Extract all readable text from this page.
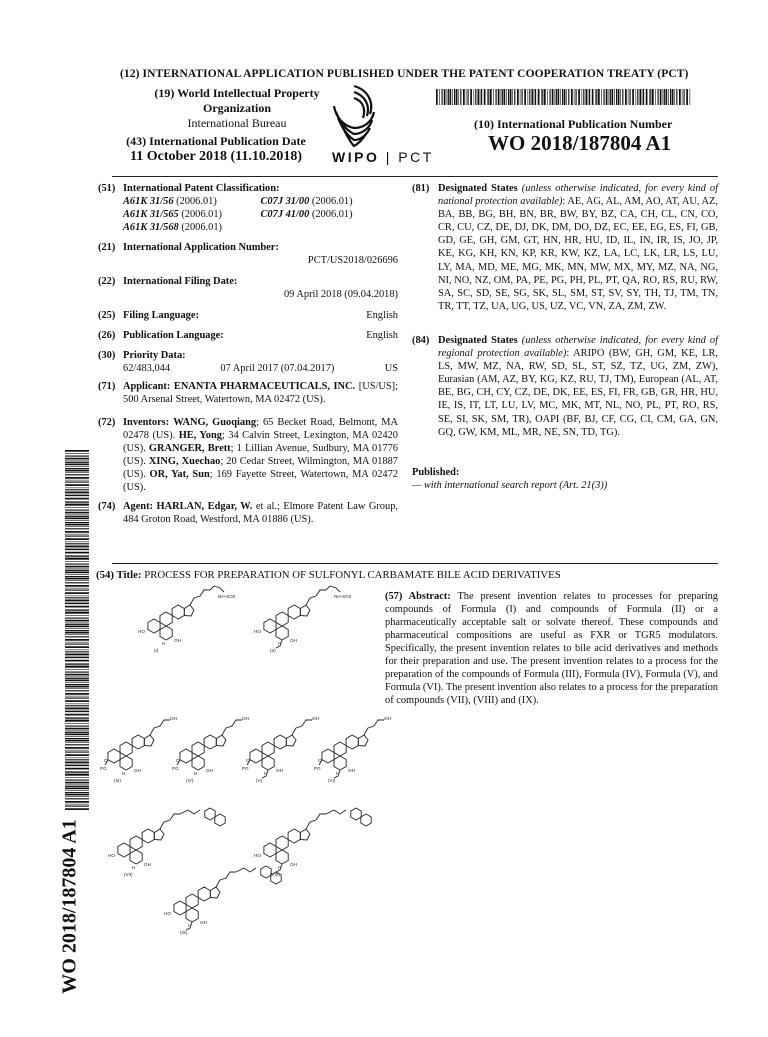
(12) INTERNATIONAL APPLICATION PUBLISHED UNDER THE PATENT COOPERATION TREATY (PCT)
(19) World Intellectual Property
Organization
International Bureau
(43) International Publication Date
11 October 2018 (11.10.2018)	WIPO | PCT
(10) International Publication Number
WO 2018/187804 A1
(51) International Patent Classification:
A61K 31/56 (2006.01)	C07J 31/00 (2006.01)
A61K 31/565 (2006.01)	C07J 41/00 (2006.01)
A61K 31/568 (2006.01)
(21) International Application Number:
PCT/US2018/026696
(22) International Filing Date:
09 April 2018 (09.04.2018)
(25) Filing Language:	English
(26) Publication Language:	English
(30) Priority Data:
62/483,044	07 April 2017 (07.04.2017)	US
(71) Applicant: ENANTA PHARMACEUTICALS, INC. [US/US]; 500 Arsenal Street, Watertown, MA 02472 (US).
(72) Inventors: WANG, Guoqiang; 65 Becket Road, Belmont, MA 02478 (US). HE, Yong; 34 Calvin Street, Lexington, MA 02420 (US). GRANGER, Brett; 1 Lillian Avenue, Sudbury, MA 01776 (US). XING, Xuechao; 20 Cedar Street, Wilmington, MA 01887 (US). OR, Yat, Sun; 169 Fayette Street, Watertown, MA 02472 (US).
(74) Agent: HARLAN, Edgar, W. et al.; Elmore Patent Law Group, 484 Groton Road, Westford, MA 01886 (US).
(81) Designated States (unless otherwise indicated, for every kind of national protection available): AE, AG, AL, AM, AO, AT, AU, AZ, BA, BB, BG, BH, BN, BR, BW, BY, BZ, CA, CH, CL, CN, CO, CR, CU, CZ, DE, DJ, DK, DM, DO, DZ, EC, EE, EG, ES, FI, GB, GD, GE, GH, GM, GT, HN, HR, HU, ID, IL, IN, IR, IS, JO, JP, KE, KG, KH, KN, KP, KR, KW, KZ, LA, LC, LK, LR, LS, LU, LY, MA, MD, ME, MG, MK, MN, MW, MX, MY, MZ, NA, NG, NI, NO, NZ, OM, PA, PE, PG, PH, PL, PT, QA, RO, RS, RU, RW, SA, SC, SD, SE, SG, SK, SL, SM, ST, SV, SY, TH, TJ, TM, TN, TR, TT, TZ, UA, UG, US, UZ, VC, VN, ZA, ZM, ZW.
(84) Designated States (unless otherwise indicated, for every kind of regional protection available): ARIPO (BW, GH, GM, KE, LR, LS, MW, MZ, NA, RW, SD, SL, ST, SZ, TZ, UG, ZM, ZW), Eurasian (AM, AZ, BY, KG, KZ, RU, TJ, TM), European (AL, AT, BE, BG, CH, CY, CZ, DE, DK, EE, ES, FI, FR, GB, GR, HR, HU, IE, IS, IT, LT, LU, LV, MC, MK, MT, NL, NO, PL, PT, RO, RS, SE, SI, SK, SM, TR), OAPI (BF, BJ, CF, CG, CI, CM, GA, GN, GQ, GW, KM, ML, MR, NE, SN, TD, TG).
Published:
— with international search report (Art. 21(3))
(54) Title: PROCESS FOR PREPARATION OF SULFONYL CARBAMATE BILE ACID DERIVATIVES
(57) Abstract: The present invention relates to processes for preparing compounds of Formula (I) and compounds of Formula (II) or a pharmaceutically acceptable salt or solvate thereof. These compounds and pharmaceutical compositions are useful as FXR or TGR5 modulators. Specifically, the present invention relates to bile acid derivatives and methods for their preparation and use. The present invention relates to a process for the preparation of the compounds of Formula (III), Formula (IV), Formula (V), and Formula (VI). The present invention also relates to a process for the preparation of compounds (VII), (VIII) and (IX).
WO 2018/187804 A1
HO
H
OH
NH-SO2
(I)
HO
H
OH
NH-SO2
(II)
H
OH
OH
(III)
PG
O
H
OH
OH
(IV)
PG
O
H
OH
OH
(V)
PG
O
H
OH
OH
(VI)
PG
O
HO
H
OH
(VII)
HO
H
OH
(VIII)
HO
H
OH
(IX)
